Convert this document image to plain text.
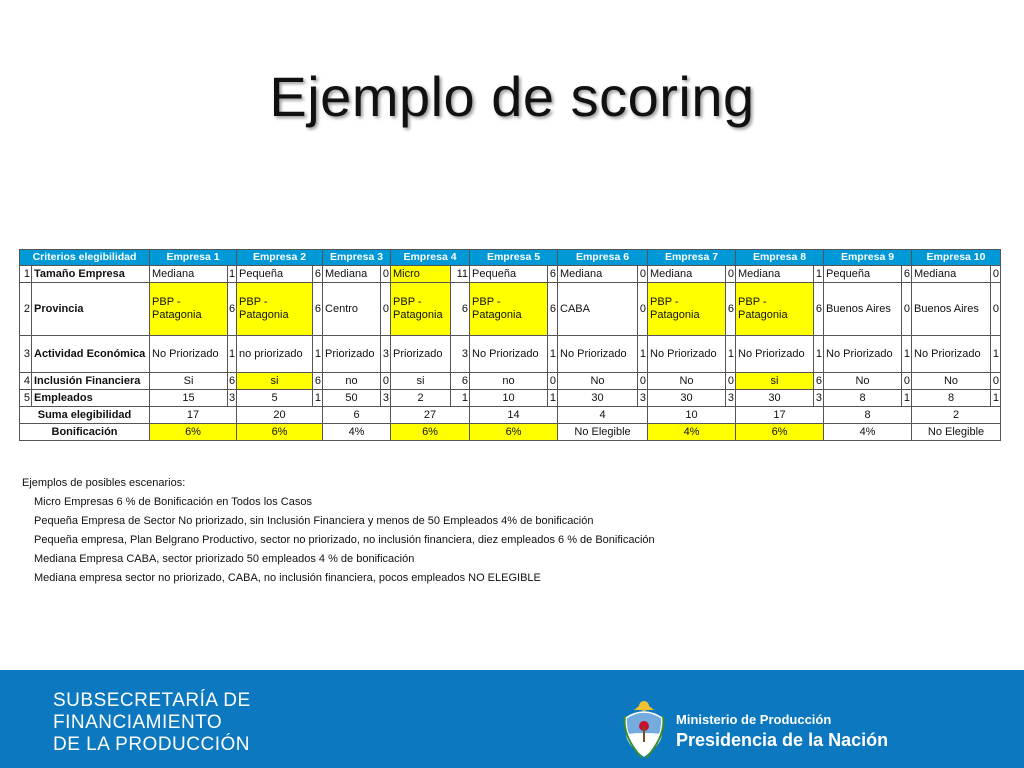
Ejemplo de scoring
Criterios elegibilidad		Empresa 1		Empresa 2		Empresa 3		Empresa 4		Empresa 5		Empresa 6		Empresa 7		Empresa 8		Empresa 9		Empresa 10	
1	Tamaño Empresa	Mediana	1	Pequeña	6	Mediana	0	Micro	11	Pequeña	6	Mediana	0	Mediana	0	Mediana	1	Pequeña	6	Mediana	0
2	Provincia	PBP - Patagonia	6	PBP - Patagonia	6	Centro	0	PBP - Patagonia	6	PBP - Patagonia	6	CABA	0	PBP - Patagonia	6	PBP - Patagonia	6	Buenos Aires	0	Buenos Aires	0
3	Actividad Económica	No Priorizado	1	no priorizado	1	Priorizado	3	Priorizado	3	No Priorizado	1	No Priorizado	1	No Priorizado	1	No Priorizado	1	No Priorizado	1	No Priorizado	1
4	Inclusión Financiera	Si	6	si	6	no	0	si	6	no	0	No	0	No	0	si	6	No	0	No	0
5	Empleados	15	3	5	1	50	3	2	1	10	1	30	3	30	3	30	3	8	1	8	1
Suma elegibilidad		17		20		6		27		14		4		10		17		8		2	
Bonificación		6%		6%		4%		6%		6%		No Elegible		4%		6%		4%		No Elegible	
Ejemplos de posibles escenarios:
Micro Empresas 6 % de Bonificación en Todos los Casos
Pequeña Empresa de Sector No priorizado, sin Inclusión Financiera y menos de 50 Empleados 4% de bonificación
Pequeña empresa, Plan Belgrano Productivo, sector no priorizado, no inclusión financiera, diez empleados 6 % de Bonificación
Mediana Empresa CABA, sector priorizado 50 empleados 4 % de bonificación
Mediana empresa sector no priorizado, CABA, no inclusión financiera, pocos empleados NO ELEGIBLE
SUBSECRETARÍA DE
FINANCIAMIENTO
DE LA PRODUCCIÓN
Ministerio de Producción
Presidencia de la Nación
